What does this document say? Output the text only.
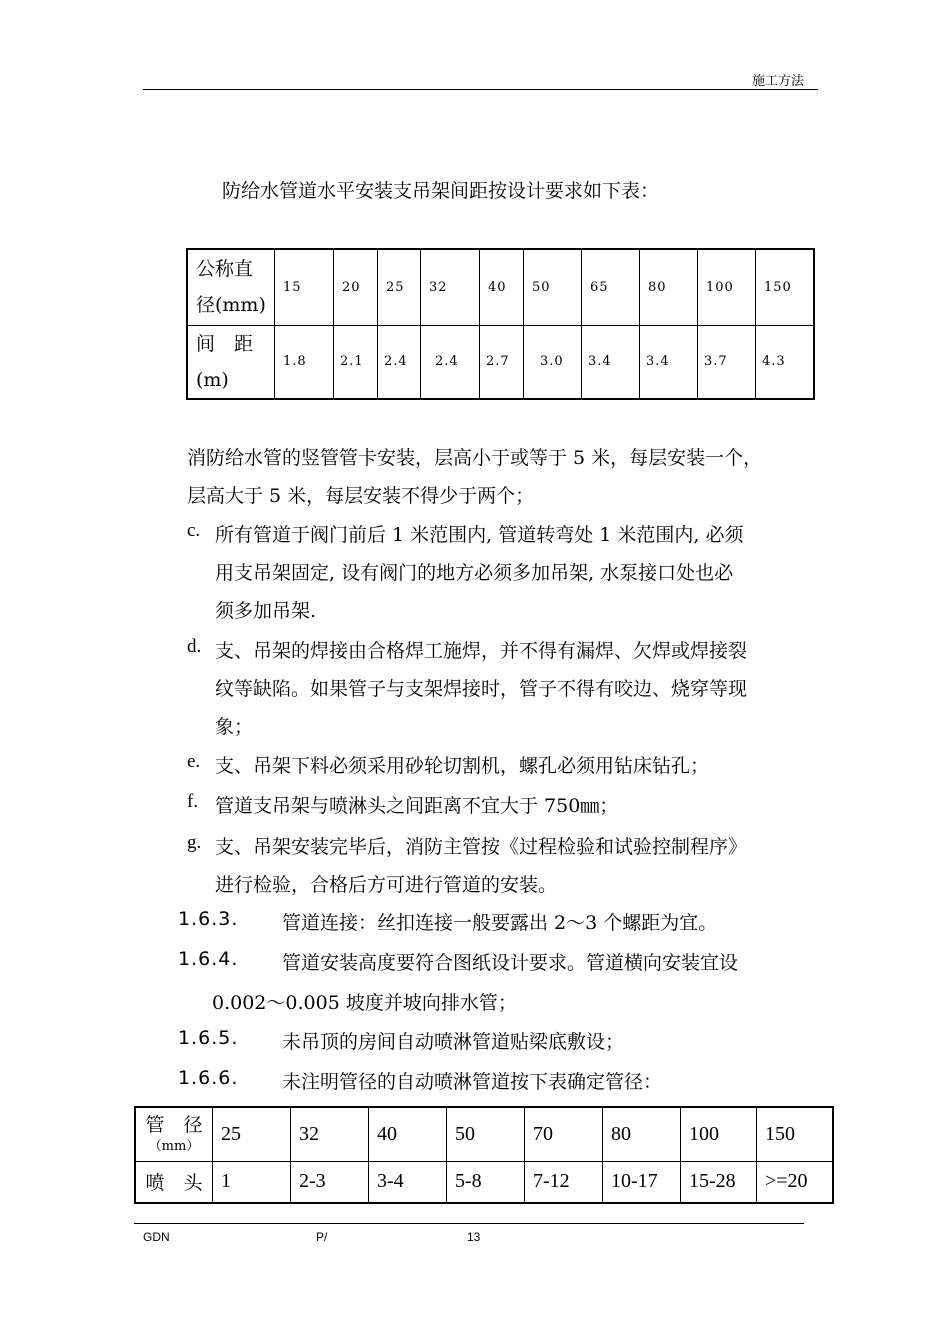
施工方法
防给水管道水平安装支吊架间距按设计要求如下表：
公称直
径(mm)	15	20	25	32	40	50	65	80	100	150

间　距
(m)	1.8	2.1	2.4	2.4	2.7	3.0	3.4	3.4	3.7	4.3
消防给水管的竖管管卡安装，层高小于或等于 5 米，每层安装一个，
层高大于 5 米，每层安装不得少于两个；
c. 所有管道于阀门前后 1 米范围内, 管道转弯处 1 米范围内, 必须
用支吊架固定, 设有阀门的地方必须多加吊架, 水泵接口处也必
须多加吊架.
d. 支、吊架的焊接由合格焊工施焊，并不得有漏焊、欠焊或焊接裂
纹等缺陷。如果管子与支架焊接时，管子不得有咬边、烧穿等现
象；
e. 支、吊架下料必须采用砂轮切割机，螺孔必须用钻床钻孔；
f. 管道支吊架与喷淋头之间距离不宜大于 750㎜；
g. 支、吊架安装完毕后，消防主管按《过程检验和试验控制程序》
进行检验，合格后方可进行管道的安装。
1.6.3. 管道连接：丝扣连接一般要露出 2～3 个螺距为宜。
1.6.4. 管道安装高度要符合图纸设计要求。管道横向安装宜设
0.002～0.005 坡度并坡向排水管；
1.6.5. 未吊顶的房间自动喷淋管道贴梁底敷设；
1.6.6. 未注明管径的自动喷淋管道按下表确定管径：
管　径
（mm）	25	32	40	50	70	80	100	150
喷　头	1	2-3	3-4	5-8	7-12	10-17	15-28	>=20
GDN	P/	13
